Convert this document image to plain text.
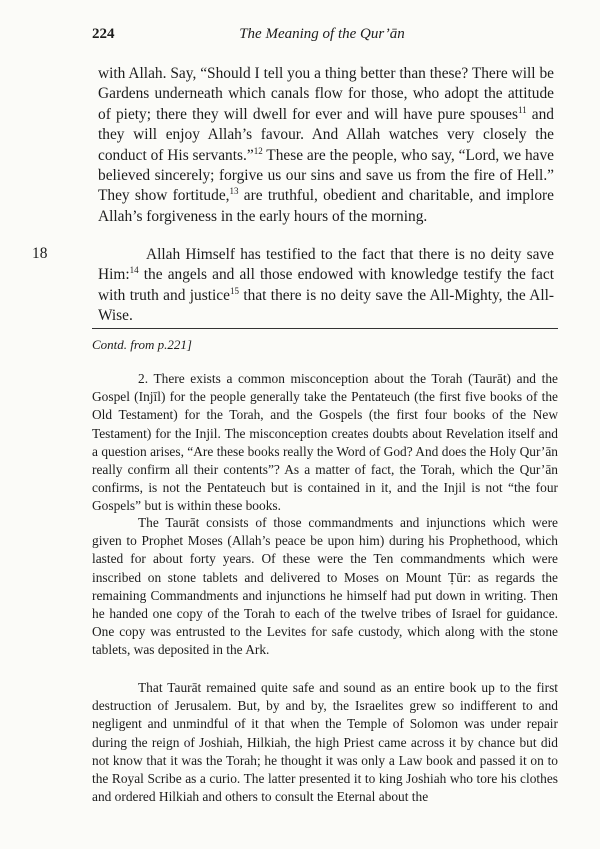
224	The Meaning of the Qur’ān

with Allah. Say, “Should I tell you a thing better than these? There will be Gardens underneath which canals flow for those, who adopt the attitude of piety; there they will dwell for ever and will have pure spouses$^{11}$ and they will enjoy Allah’s favour. And Allah watches very closely the conduct of His servants.”$^{12}$ These are the people, who say, “Lord, we have believed sincerely; forgive us our sins and save us from the fire of Hell.” They show fortitude,$^{13}$ are truthful, obedient and charitable, and implore Allah’s forgiveness in the early hours of the morning.

18	Allah Himself has testified to the fact that there is no deity save Him:$^{14}$ the angels and all those endowed with knowledge testify the fact with truth and justice$^{15}$ that there is no deity save the All-Mighty, the All-Wise.

Contd. from p.221]

2. There exists a common misconception about the Torah (Taurāt) and the Gospel (Injīl) for the people generally take the Pentateuch (the first five books of the Old Testament) for the Torah, and the Gospels (the first four books of the New Testament) for the Injil. The misconception creates doubts about Revelation itself and a question arises, “Are these books really the Word of God? And does the Holy Qur’ān really confirm all their contents”? As a matter of fact, the Torah, which the Qur’ān confirms, is not the Pentateuch but is contained in it, and the Injil is not “the four Gospels” but is within these books.

The Taurāt consists of those commandments and injunctions which were given to Prophet Moses (Allah’s peace be upon him) during his Prophethood, which lasted for about forty years. Of these were the Ten commandments which were inscribed on stone tablets and delivered to Moses on Mount Ṭūr: as regards the remaining Commandments and injunctions he himself had put down in writing. Then he handed one copy of the Torah to each of the twelve tribes of Israel for guidance. One copy was entrusted to the Levites for safe custody, which along with the stone tablets, was deposited in the Ark.

That Taurāt remained quite safe and sound as an entire book up to the first destruction of Jerusalem. But, by and by, the Israelites grew so indifferent to and negligent and unmindful of it that when the Temple of Solomon was under repair during the reign of Joshiah, Hilkiah, the high Priest came across it by chance but did not know that it was the Torah; he thought it was only a Law book and passed it on to the Royal Scribe as a curio. The latter presented it to king Joshiah who tore his clothes and ordered Hilkiah and others to consult the Eternal about the
